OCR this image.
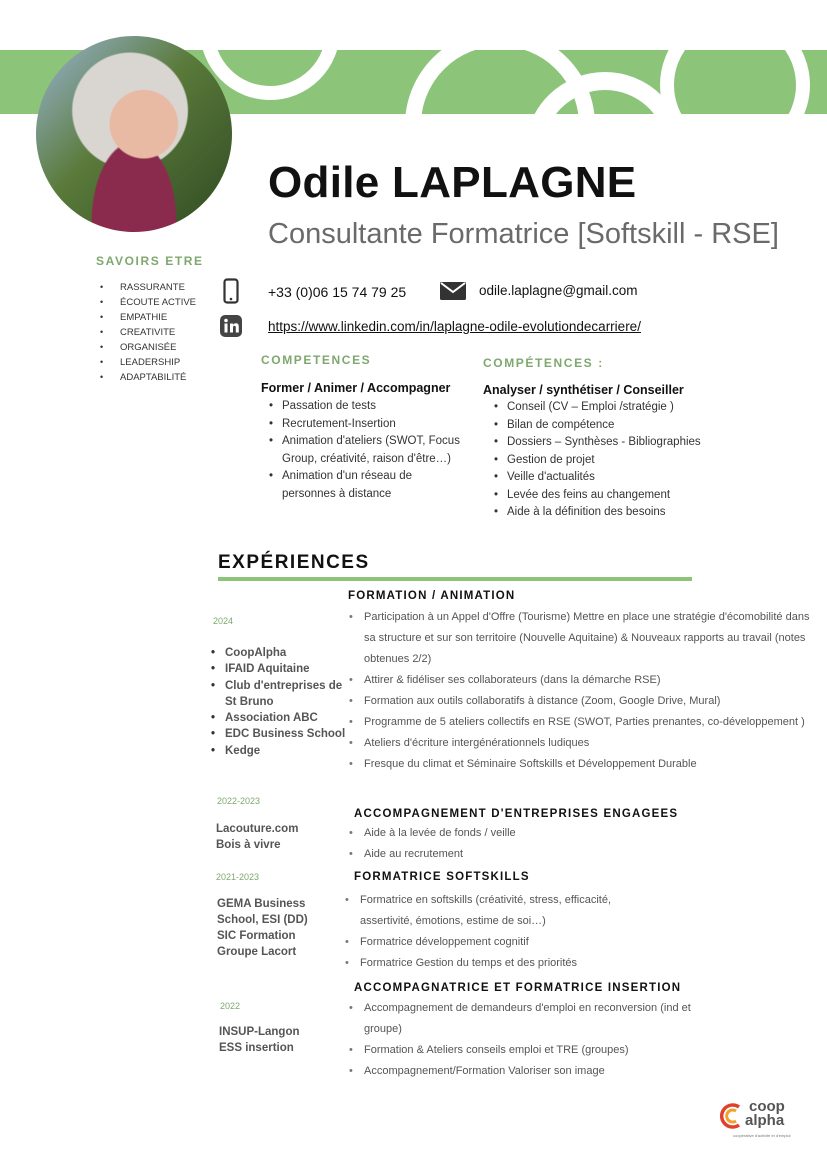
Odile LAPLAGNE
Consultante Formatrice [Softskill - RSE]
SAVOIRS ETRE
• RASSURANTE
• ÉCOUTE ACTIVE
• EMPATHIE
• CREATIVITE
• ORGANISÉE
• LEADERSHIP
• ADAPTABILITÉ
+33 (0)06 15 74 79 25	odile.laplagne@gmail.com
https://www.linkedin.com/in/laplagne-odile-evolutiondecarriere/
COMPETENCES
Former / Animer / Accompagner
• Passation de tests
• Recrutement-Insertion
• Animation d'ateliers (SWOT, Focus Group, créativité, raison d'être…)
• Animation d'un réseau de personnes à distance
COMPÉTENCES :
Analyser / synthétiser / Conseiller
• Conseil (CV – Emploi /stratégie )
• Bilan de compétence
• Dossiers – Synthèses - Bibliographies
• Gestion de projet
• Veille d'actualités
• Levée des feins au changement
• Aide à la définition des besoins
EXPÉRIENCES
2024
• CoopAlpha
• IFAID Aquitaine
• Club d'entreprises de St Bruno
• Association ABC
• EDC Business School
• Kedge
FORMATION / ANIMATION
• Participation à un Appel d'Offre (Tourisme) Mettre en place une stratégie d'écomobilité dans sa structure et sur son territoire (Nouvelle Aquitaine) & Nouveaux rapports au travail (notes obtenues 2/2)
• Attirer & fidéliser ses collaborateurs (dans la démarche RSE)
• Formation aux outils collaboratifs à distance (Zoom, Google Drive, Mural)
• Programme de 5 ateliers collectifs en RSE (SWOT, Parties prenantes, co-développement )
• Ateliers d'écriture intergénérationnels ludiques
• Fresque du climat et Séminaire Softskills et Développement Durable
2022-2023
Lacouture.com
Bois à vivre
ACCOMPAGNEMENT D'ENTREPRISES ENGAGEES
• Aide à la levée de fonds / veille
• Aide au recrutement
2021-2023
GEMA Business School, ESI (DD)
SIC Formation Groupe Lacort
FORMATRICE SOFTSKILLS
• Formatrice en softskills (créativité, stress, efficacité, assertivité, émotions, estime de soi…)
• Formatrice développement cognitif
• Formatrice Gestion du temps et des priorités
2022
INSUP-Langon
ESS insertion
ACCOMPAGNATRICE ET FORMATRICE INSERTION
• Accompagnement de demandeurs d'emploi en reconversion (ind et groupe)
• Formation & Ateliers conseils emploi et TRE (groupes)
• Accompagnement/Formation Valoriser son image
coop
alpha
coopérative d'activité et d'emploi
